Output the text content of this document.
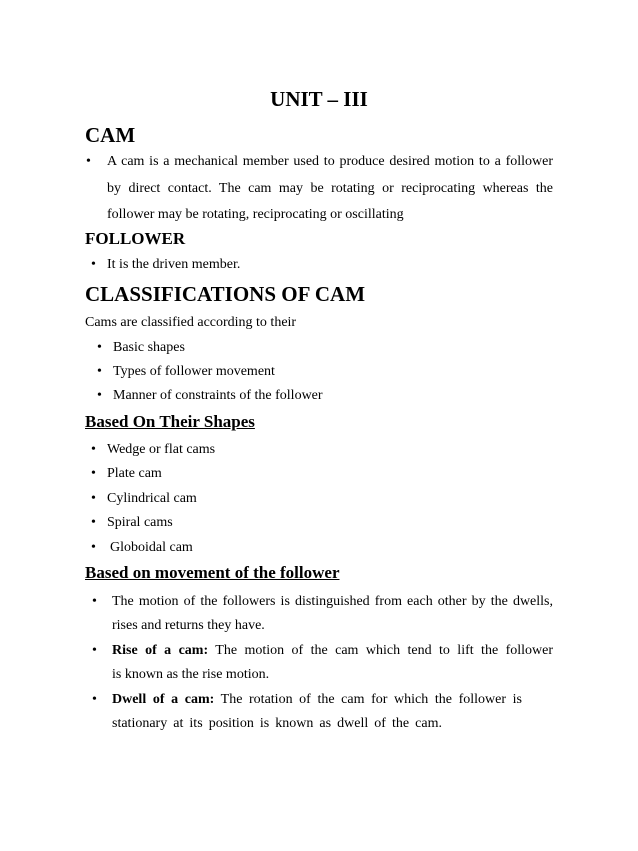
UNIT – III
CAM
• A cam is a mechanical member used to produce desired motion to a follower
by direct contact. The cam may be rotating or reciprocating whereas the
follower may be rotating, reciprocating or oscillating
FOLLOWER
• It is the driven member.
CLASSIFICATIONS OF CAM
Cams are classified according to their
• Basic shapes
• Types of follower movement
• Manner of constraints of the follower
Based On Their Shapes
• Wedge or flat cams
• Plate cam
• Cylindrical cam
• Spiral cams
• Globoidal cam
Based on movement of the follower
• The motion of the followers is distinguished from each other by the dwells,
rises and returns they have.
• Rise of a cam: The motion of the cam which tend to lift the follower
is known as the rise motion.
• Dwell of a cam: The rotation of the cam for which the follower is
stationary at its position is known as dwell of the cam.
